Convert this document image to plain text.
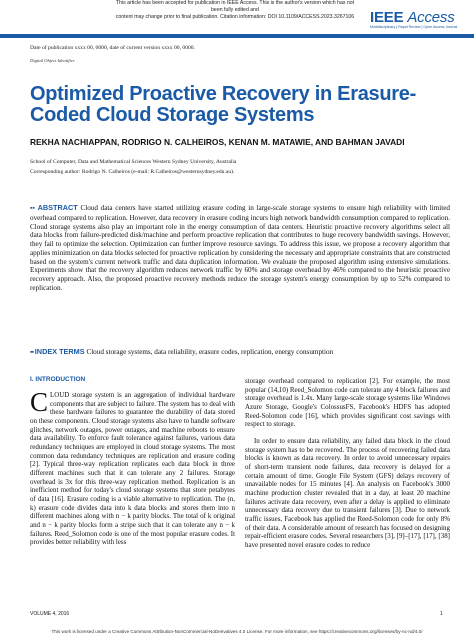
This article has been accepted for publication in IEEE Access. This is the author's version which has not been fully edited and
content may change prior to final publication. Citation information: DOI 10.1109/ACCESS.2023.3267106	IEEE Access
Multidisciplinary | Rapid Review | Open Access Journal
Date of publication xxxx 00, 0000, date of current version xxxx 00, 0000.
Digital Object Identifier
Optimized Proactive Recovery in Erasure-Coded Cloud Storage Systems
REKHA NACHIAPPAN, RODRIGO N. CALHEIROS, KENAN M. MATAWIE, AND BAHMAN JAVADI
School of Computer, Data and Mathematical Sciences Western Sydney University, Australia
Corresponding author: Rodrigo N. Calheiros (e-mail: R.Calheiros@westernsydney.edu.au).
▪▪ ABSTRACT Cloud data centers have started utilizing erasure coding in large-scale storage systems to ensure high reliability with limited overhead compared to replication. However, data recovery in erasure coding incurs high network bandwidth consumption compared to replication. Cloud storage systems also play an important role in the energy consumption of data centers. Heuristic proactive recovery algorithms select all data blocks from failure-predicted disk/machine and perform proactive replication that contributes to huge recovery bandwidth savings. However, they fail to optimize the selection. Optimization can further improve resource savings. To address this issue, we propose a recovery algorithm that applies minimization on data blocks selected for proactive replication by considering the necessary and appropriate constraints that are constructed based on the system's current network traffic and data duplication information. We evaluate the proposed algorithm using extensive simulations. Experiments show that the recovery algorithm reduces network traffic by 60% and storage overhead by 46% compared to the heuristic proactive recovery approach. Also, the proposed proactive recovery methods reduce the storage system's energy consumption by up to 52% compared to replication.
▪▪ INDEX TERMS Cloud storage systems, data reliability, erasure codes, replication, energy consumption
I. INTRODUCTION

C LOUD storage system is an aggregation of individual hardware components that are subject to failure. The system has to deal with these hardware failures to guarantee the durability of data stored on these components. Cloud storage systems also have to handle software glitches, network outages, power outages, and machine reboots to ensure data availability. To enforce fault tolerance against failures, various data redundancy techniques are employed in cloud storage systems. The most common data redundancy techniques are replication and erasure coding [2]. Typical three-way replication replicates each data block in three different machines such that it can tolerate any 2 failures. Storage overhead is 3x for this three-way replication method. Replication is an inefficient method for today's cloud storage systems that store petabytes of data [16]. Erasure coding is a viable alternative to replication. The (n, k) erasure code divides data into k data blocks and stores them into n different machines along with n − k parity blocks. The total of k original and n − k parity blocks form a stripe such that it can tolerate any n − k failures. Reed_Solomon code is one of the most popular erasure codes. It provides better reliability with less

storage overhead compared to replication [2]. For example, the most popular (14,10) Reed_Solomon code can tolerate any 4 block failures and storage overhead is 1.4x. Many large-scale storage systems like Windows Azure Storage, Google's ColossusFS, Facebook's HDFS has adopted Reed-Solomon code [16], which provides significant cost savings with respect to storage.

In order to ensure data reliability, any failed data block in the cloud storage system has to be recovered. The process of recovering failed data blocks is known as data recovery. In order to avoid unnecessary repairs of short-term transient node failures, data recovery is delayed for a certain amount of time. Google File System (GFS) delays recovery of unavailable nodes for 15 minutes [4]. An analysis on Facebook's 3000 machine production cluster revealed that in a day, at least 20 machine failures activate data recovery, even after a delay is applied to eliminate unnecessary data recovery due to transient failures [3]. Due to network traffic issues, Facebook has applied the Reed-Solomon code for only 8% of their data. A considerable amount of research has focused on designing repair-efficient erasure codes. Several researchers [3], [9]–[17], [17], [38] have presented novel erasure codes to reduce

VOLUME 4, 2016	1
This work is licensed under a Creative Commons Attribution-NonCommercial-NoDerivatives 4.0 License. For more information, see https://creativecommons.org/licenses/by-nc-nd/4.0/
